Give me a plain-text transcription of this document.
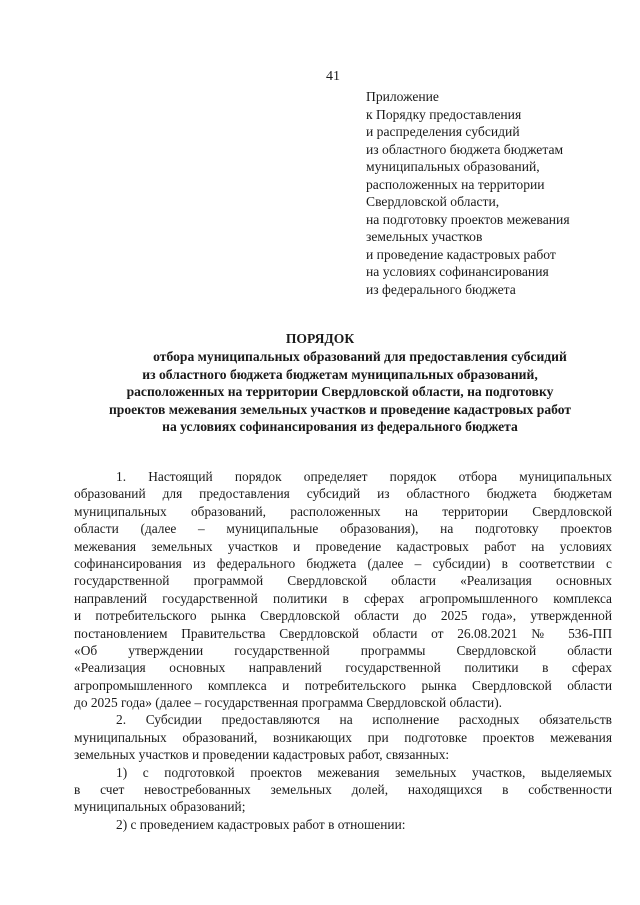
41
Приложение
к Порядку предоставления
и распределения субсидий
из областного бюджета бюджетам
муниципальных образований,
расположенных на территории
Свердловской области,
на подготовку проектов межевания
земельных участков
и проведение кадастровых работ
на условиях софинансирования
из федерального бюджета
ПОРЯДОК
отбора муниципальных образований для предоставления субсидий
из областного бюджета бюджетам муниципальных образований,
расположенных на территории Свердловской области, на подготовку
проектов межевания земельных участков и проведение кадастровых работ
на условиях софинансирования из федерального бюджета
1. Настоящий порядок определяет порядок отбора муниципальных
образований для предоставления субсидий из областного бюджета бюджетам
муниципальных образований, расположенных на территории Свердловской
области (далее – муниципальные образования), на подготовку проектов
межевания земельных участков и проведение кадастровых работ на условиях
софинансирования из федерального бюджета (далее – субсидии) в соответствии с
государственной программой Свердловской области «Реализация основных
направлений государственной политики в сферах агропромышленного комплекса
и потребительского рынка Свердловской области до 2025 года», утвержденной
постановлением Правительства Свердловской области от 26.08.2021 № 536-ПП
«Об утверждении государственной программы Свердловской области
«Реализация основных направлений государственной политики в сферах
агропромышленного комплекса и потребительского рынка Свердловской области
до 2025 года» (далее – государственная программа Свердловской области).
2. Субсидии предоставляются на исполнение расходных обязательств
муниципальных образований, возникающих при подготовке проектов межевания
земельных участков и проведении кадастровых работ, связанных:
1) с подготовкой проектов межевания земельных участков, выделяемых
в счет невостребованных земельных долей, находящихся в собственности
муниципальных образований;
2) с проведением кадастровых работ в отношении:
